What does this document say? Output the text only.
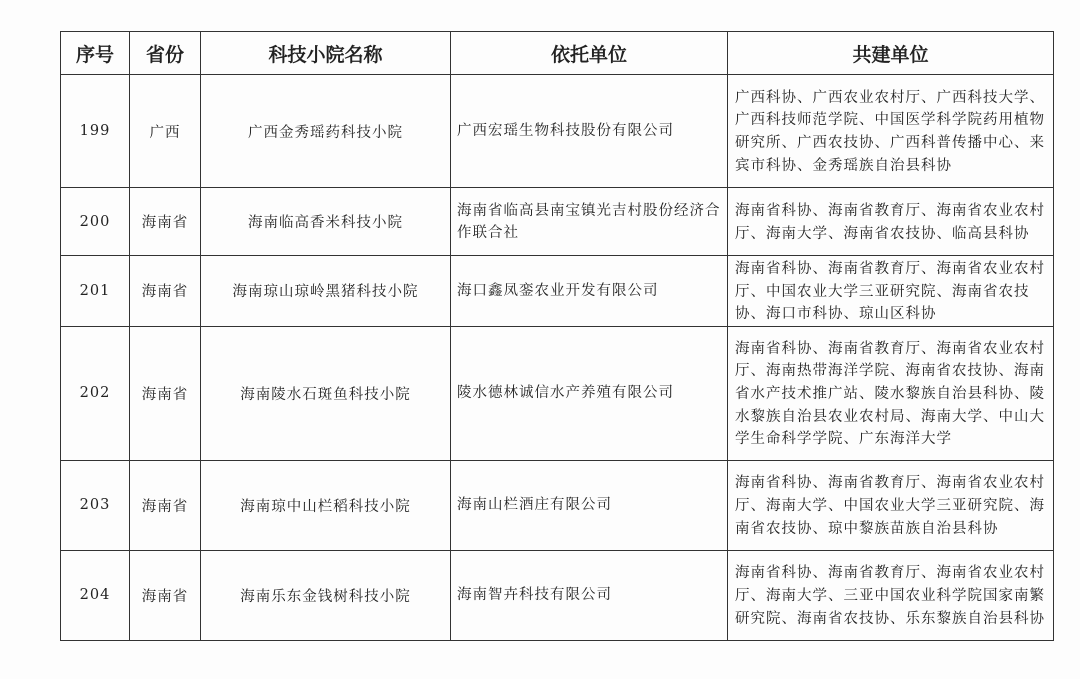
序号	省份	科技小院名称	依托单位	共建单位
199	广西	广西金秀瑶药科技小院	广西宏瑶生物科技股份有限公司	广西科协、广西农业农村厅、广西科技大学、广西科技师范学院、中国医学科学院药用植物研究所、广西农技协、广西科普传播中心、来宾市科协、金秀瑶族自治县科协
200	海南省	海南临高香米科技小院	海南省临高县南宝镇光吉村股份经济合作联合社	海南省科协、海南省教育厅、海南省农业农村厅、海南大学、海南省农技协、临高县科协
201	海南省	海南琼山琼岭黑猪科技小院	海口鑫凤銮农业开发有限公司	海南省科协、海南省教育厅、海南省农业农村厅、中国农业大学三亚研究院、海南省农技协、海口市科协、琼山区科协
202	海南省	海南陵水石斑鱼科技小院	陵水德林诚信水产养殖有限公司	海南省科协、海南省教育厅、海南省农业农村厅、海南热带海洋学院、海南省农技协、海南省水产技术推广站、陵水黎族自治县科协、陵水黎族自治县农业农村局、海南大学、中山大学生命科学学院、广东海洋大学
203	海南省	海南琼中山栏稻科技小院	海南山栏酒庄有限公司	海南省科协、海南省教育厅、海南省农业农村厅、海南大学、中国农业大学三亚研究院、海南省农技协、琼中黎族苗族自治县科协
204	海南省	海南乐东金钱树科技小院	海南智卉科技有限公司	海南省科协、海南省教育厅、海南省农业农村厅、海南大学、三亚中国农业科学院国家南繁研究院、海南省农技协、乐东黎族自治县科协
